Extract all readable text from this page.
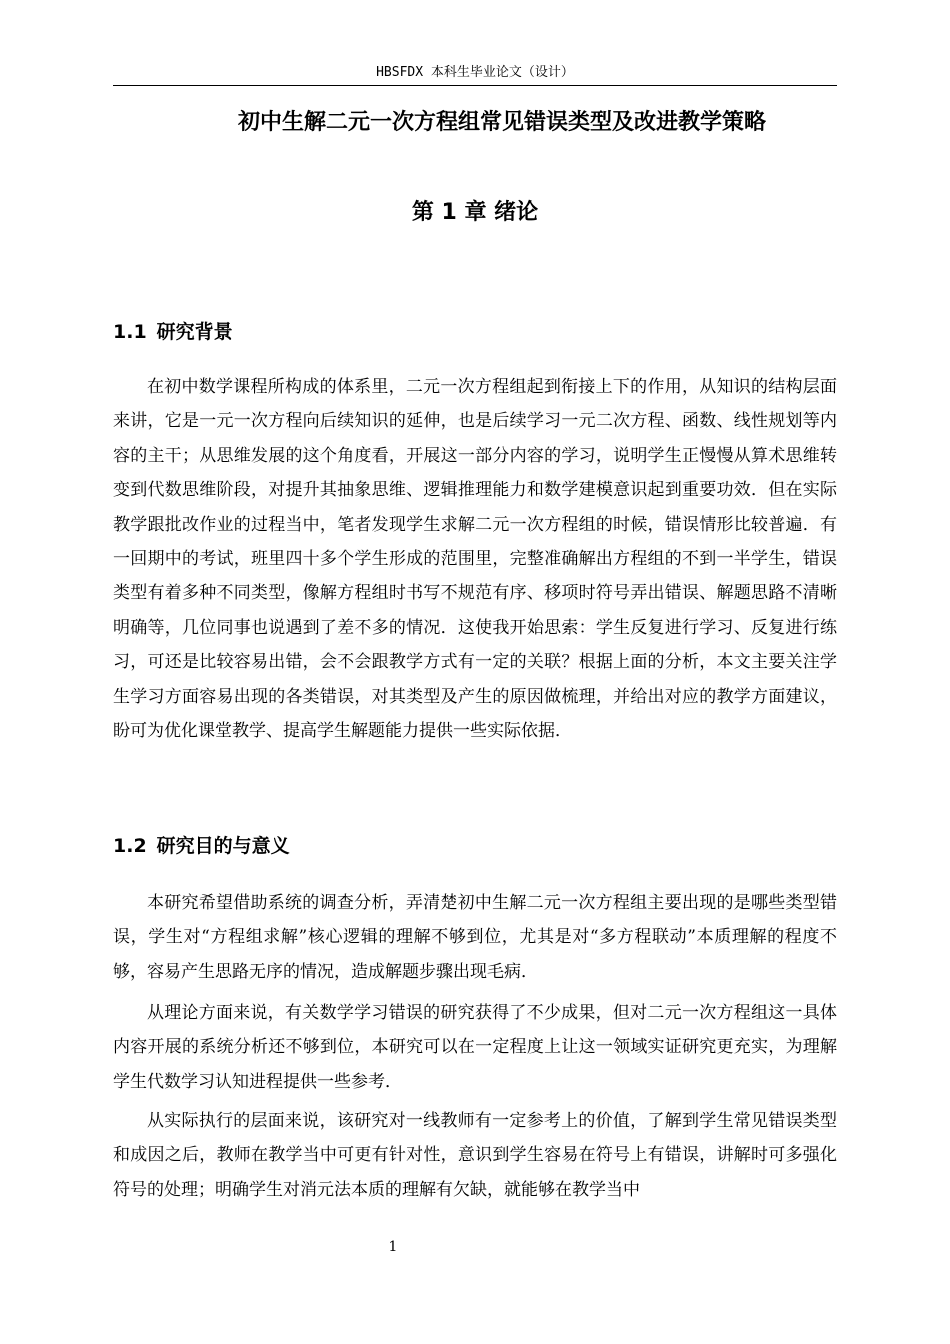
HBSFDX 本科生毕业论文（设计）
初中生解二元一次方程组常见错误类型及改进教学策略
第 1 章 绪论
1.1 研究背景

在初中数学课程所构成的体系里，二元一次方程组起到衔接上下的作用，从知识的结构层面来讲，它是一元一次方程向后续知识的延伸，也是后续学习一元二次方程、函数、线性规划等内容的主干；从思维发展的这个角度看，开展这一部分内容的学习，说明学生正慢慢从算术思维转变到代数思维阶段，对提升其抽象思维、逻辑推理能力和数学建模意识起到重要功效．但在实际教学跟批改作业的过程当中，笔者发现学生求解二元一次方程组的时候，错误情形比较普遍．有一回期中的考试，班里四十多个学生形成的范围里，完整准确解出方程组的不到一半学生，错误类型有着多种不同类型，像解方程组时书写不规范有序、移项时符号弄出错误、解题思路不清晰明确等，几位同事也说遇到了差不多的情况．这使我开始思索：学生反复进行学习、反复进行练习，可还是比较容易出错，会不会跟教学方式有一定的关联？根据上面的分析，本文主要关注学生学习方面容易出现的各类错误，对其类型及产生的原因做梳理，并给出对应的教学方面建议，盼可为优化课堂教学、提高学生解题能力提供一些实际依据．

1.2 研究目的与意义

本研究希望借助系统的调查分析，弄清楚初中生解二元一次方程组主要出现的是哪些类型错误，学生对“方程组求解”核心逻辑的理解不够到位，尤其是对“多方程联动”本质理解的程度不够，容易产生思路无序的情况，造成解题步骤出现毛病．

从理论方面来说，有关数学学习错误的研究获得了不少成果，但对二元一次方程组这一具体内容开展的系统分析还不够到位，本研究可以在一定程度上让这一领域实证研究更充实，为理解学生代数学习认知进程提供一些参考．

从实际执行的层面来说，该研究对一线教师有一定参考上的价值，了解到学生常见错误类型和成因之后，教师在教学当中可更有针对性，意识到学生容易在符号上有错误，讲解时可多强化符号的处理；明确学生对消元法本质的理解有欠缺，就能够在教学当中

1
